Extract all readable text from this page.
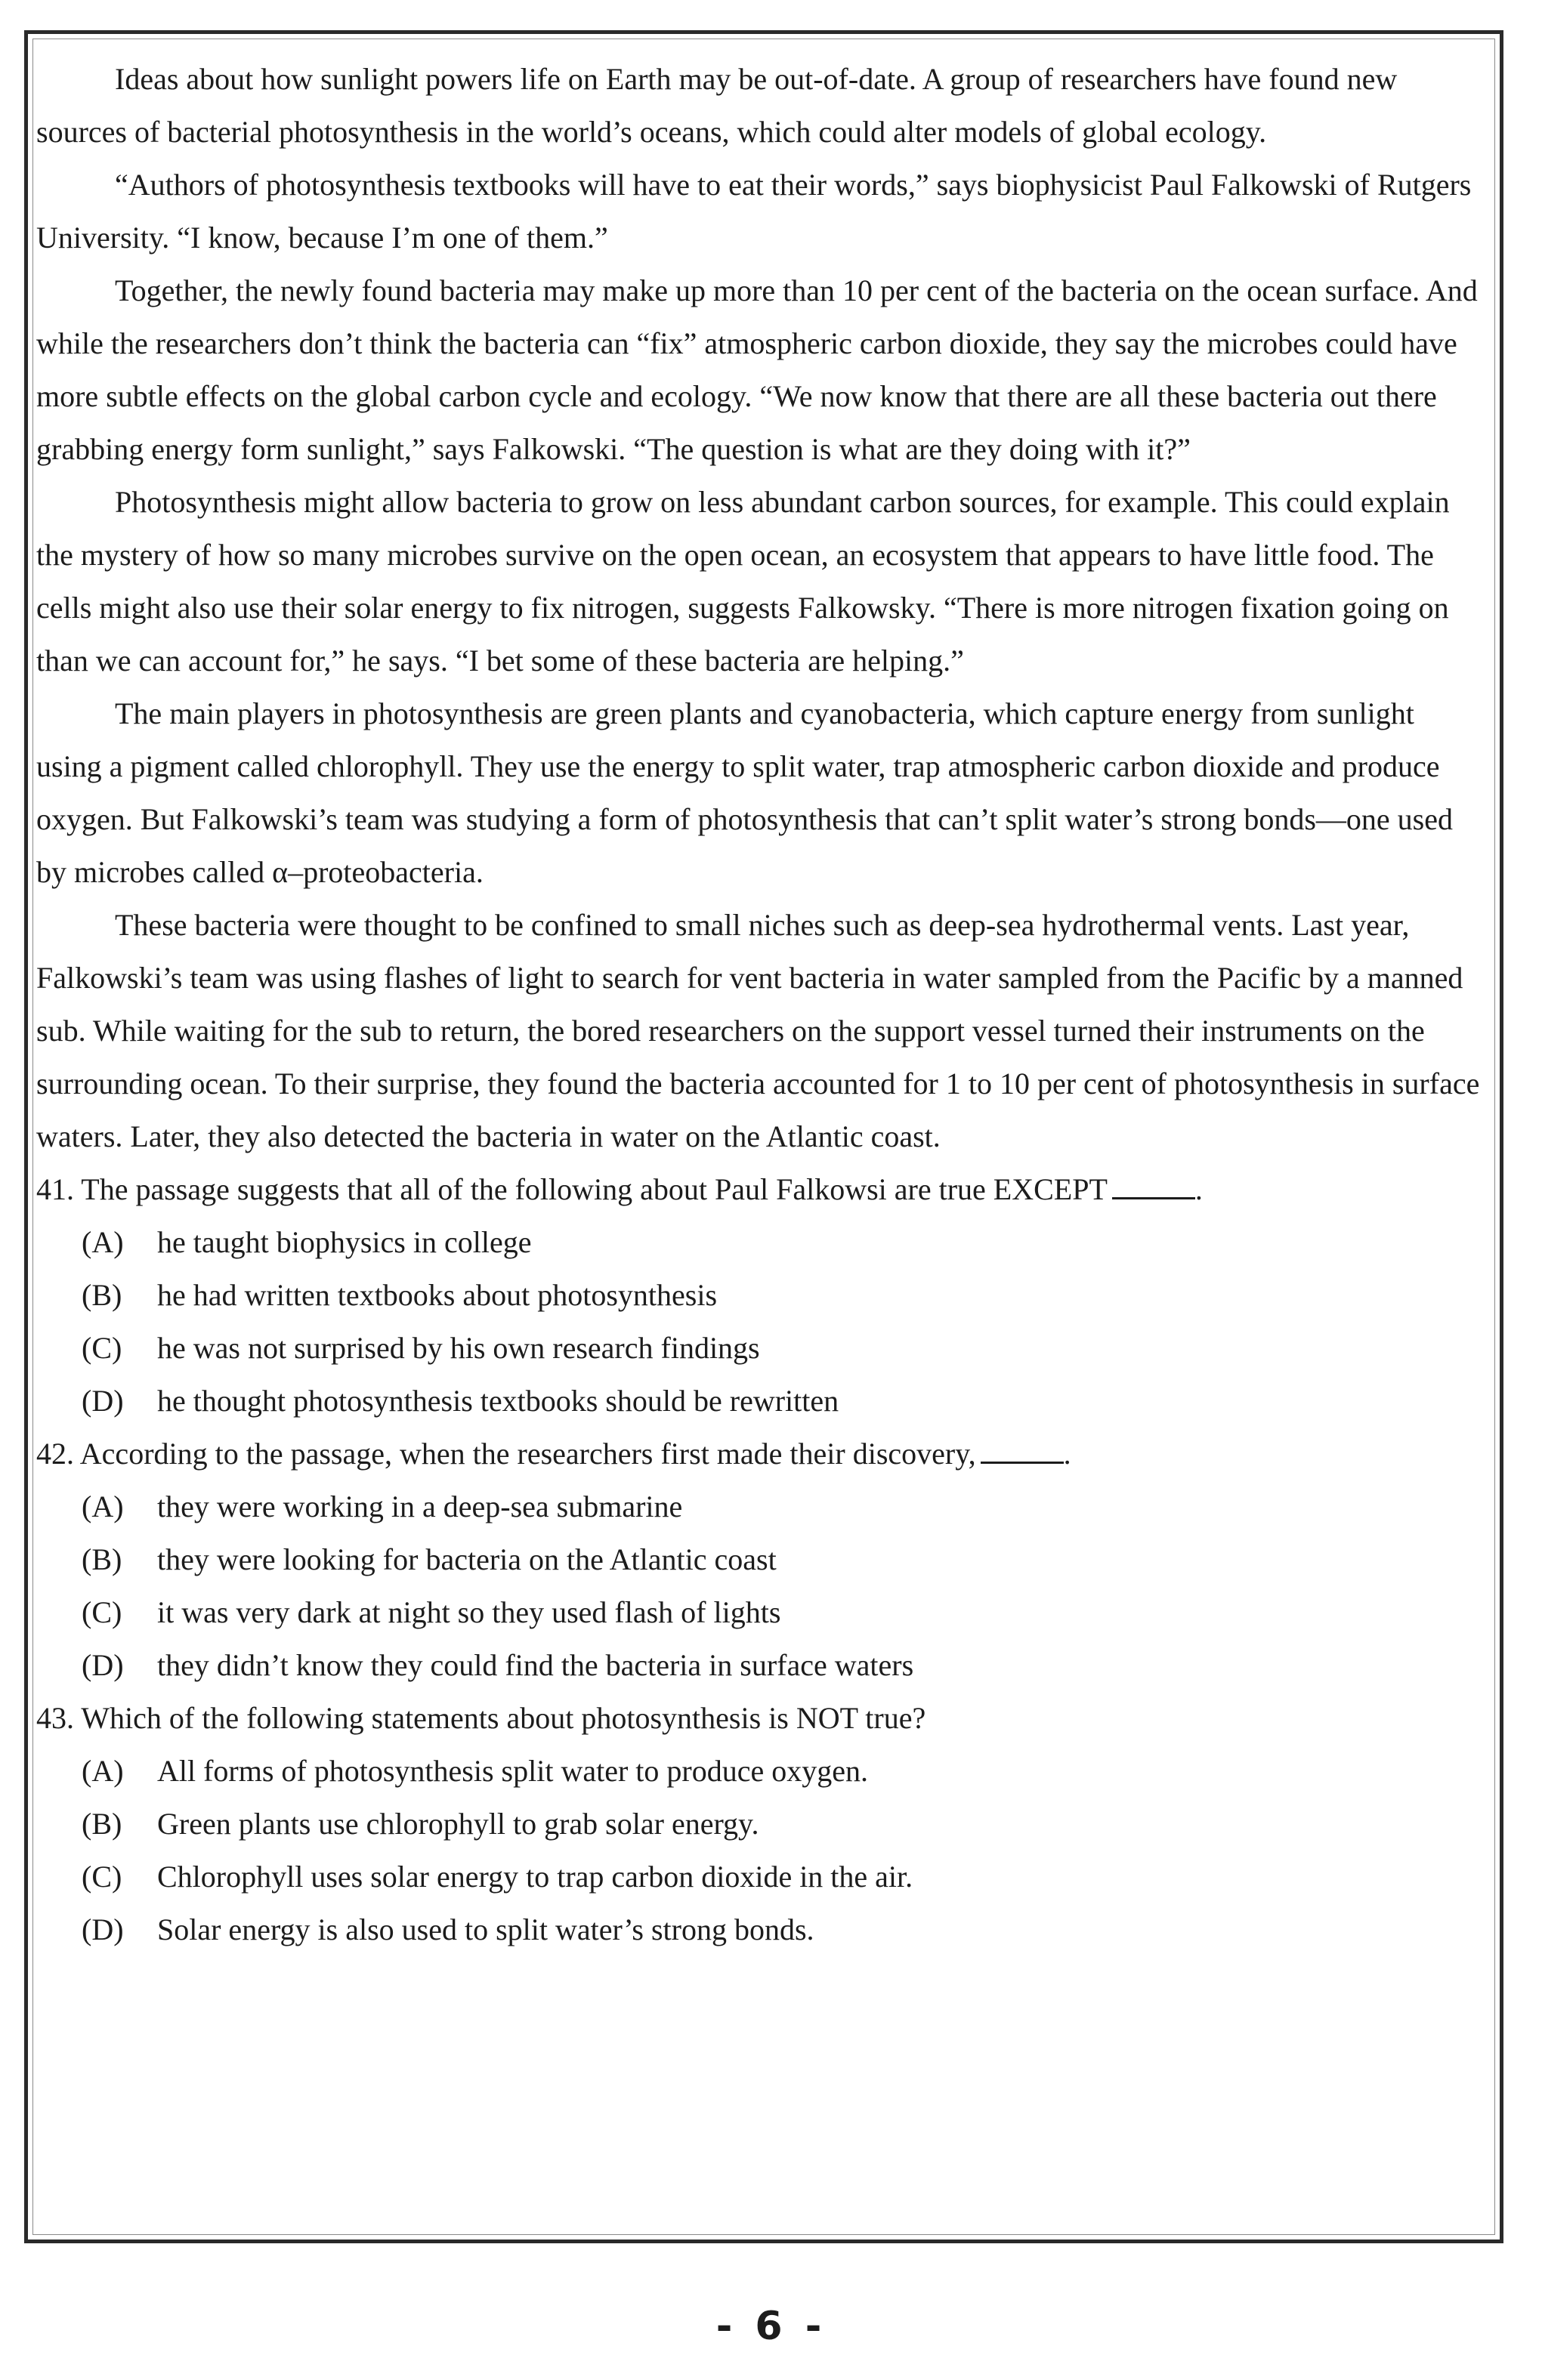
Ideas about how sunlight powers life on Earth may be out-of-date. A group of researchers have found new sources of bacterial photosynthesis in the world’s oceans, which could alter models of global ecology.

“Authors of photosynthesis textbooks will have to eat their words,” says biophysicist Paul Falkowski of Rutgers University. “I know, because I’m one of them.”

Together, the newly found bacteria may make up more than 10 per cent of the bacteria on the ocean surface. And while the researchers don’t think the bacteria can “fix” atmospheric carbon dioxide, they say the microbes could have more subtle effects on the global carbon cycle and ecology. “We now know that there are all these bacteria out there grabbing energy form sunlight,” says Falkowski. “The question is what are they doing with it?”

Photosynthesis might allow bacteria to grow on less abundant carbon sources, for example. This could explain the mystery of how so many microbes survive on the open ocean, an ecosystem that appears to have little food. The cells might also use their solar energy to fix nitrogen, suggests Falkowsky. “There is more nitrogen fixation going on than we can account for,” he says. “I bet some of these bacteria are helping.”

The main players in photosynthesis are green plants and cyanobacteria, which capture energy from sunlight using a pigment called chlorophyll. They use the energy to split water, trap atmospheric carbon dioxide and produce oxygen. But Falkowski’s team was studying a form of photosynthesis that can’t split water’s strong bonds—one used by microbes called α–proteobacteria.

These bacteria were thought to be confined to small niches such as deep-sea hydrothermal vents. Last year, Falkowski’s team was using flashes of light to search for vent bacteria in water sampled from the Pacific by a manned sub. While waiting for the sub to return, the bored researchers on the support vessel turned their instruments on the surrounding ocean. To their surprise, they found the bacteria accounted for 1 to 10 per cent of photosynthesis in surface waters. Later, they also detected the bacteria in water on the Atlantic coast.

41. The passage suggests that all of the following about Paul Falkowsi are true EXCEPT	.

(A)	he taught biophysics in college
(B)	he had written textbooks about photosynthesis
(C)	he was not surprised by his own research findings
(D)	he thought photosynthesis textbooks should be rewritten

42. According to the passage, when the researchers first made their discovery,	.

(A)	they were working in a deep-sea submarine
(B)	they were looking for bacteria on the Atlantic coast
(C)	it was very dark at night so they used flash of lights
(D)	they didn’t know they could find the bacteria in surface waters

43. Which of the following statements about photosynthesis is NOT true?

(A)	All forms of photosynthesis split water to produce oxygen.
(B)	Green plants use chlorophyll to grab solar energy.
(C)	Chlorophyll uses solar energy to trap carbon dioxide in the air.
(D)	Solar energy is also used to split water’s strong bonds.
- 6 -
